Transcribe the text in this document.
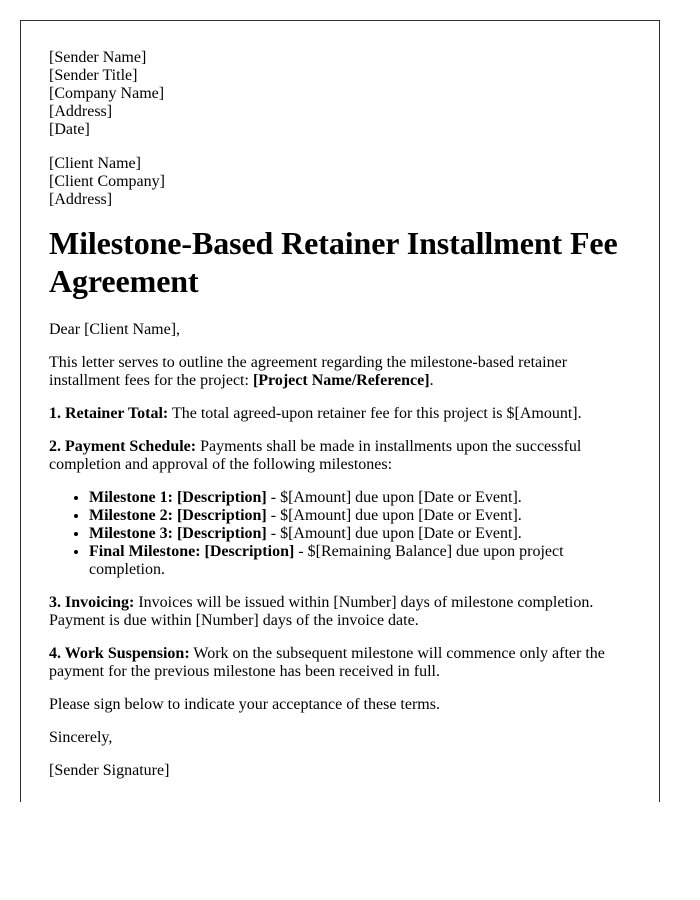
[Sender Name]
[Sender Title]
[Company Name]
[Address]
[Date]
[Client Name]
[Client Company]
[Address]
Milestone-Based Retainer Installment Fee Agreement

Dear [Client Name],

This letter serves to outline the agreement regarding the milestone-based retainer installment fees for the project: [Project Name/Reference].

1. Retainer Total: The total agreed-upon retainer fee for this project is $[Amount].

2. Payment Schedule: Payments shall be made in installments upon the successful completion and approval of the following milestones:

• Milestone 1: [Description] - $[Amount] due upon [Date or Event].
• Milestone 2: [Description] - $[Amount] due upon [Date or Event].
• Milestone 3: [Description] - $[Amount] due upon [Date or Event].
• Final Milestone: [Description] - $[Remaining Balance] due upon project completion.

3. Invoicing: Invoices will be issued within [Number] days of milestone completion. Payment is due within [Number] days of the invoice date.

4. Work Suspension: Work on the subsequent milestone will commence only after the payment for the previous milestone has been received in full.

Please sign below to indicate your acceptance of these terms.

Sincerely,

[Sender Signature]
